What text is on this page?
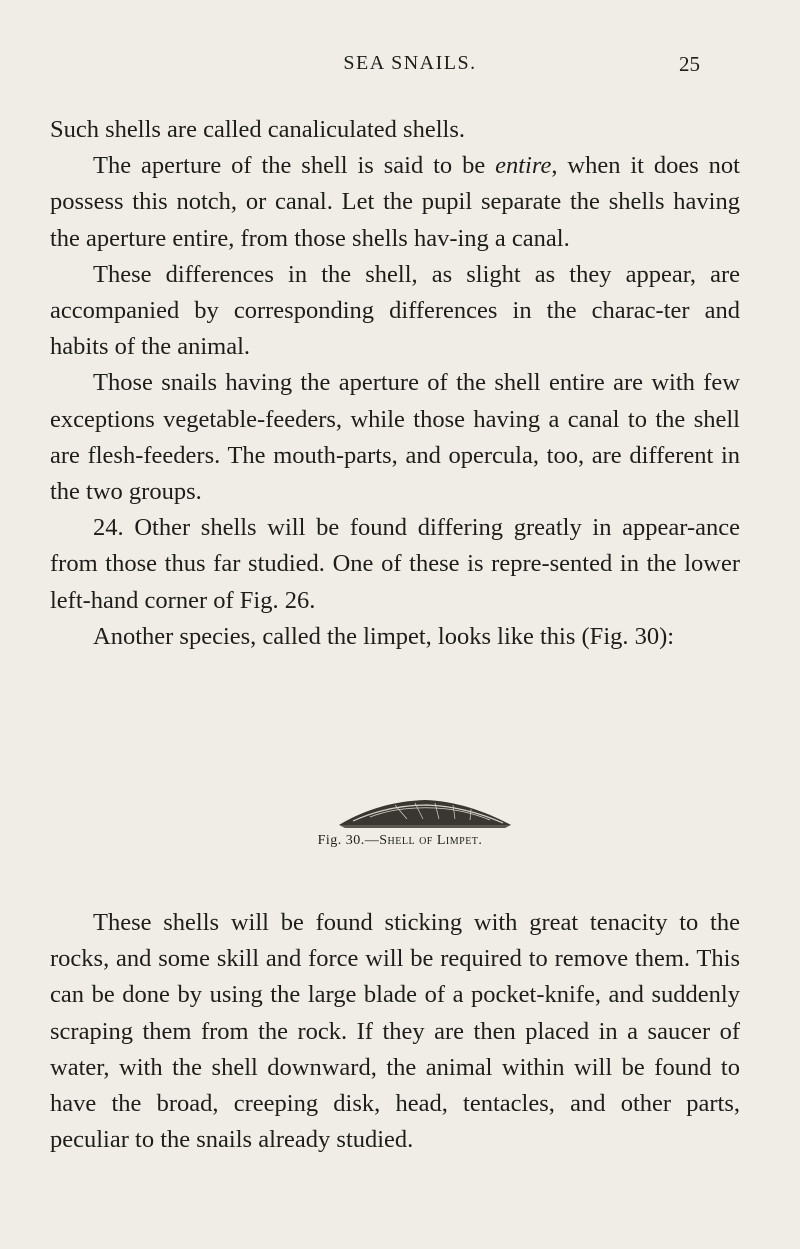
SEA SNAILS.	25

Such shells are called canaliculated shells.

The aperture of the shell is said to be entire, when it does not possess this notch, or canal. Let the pupil separate the shells having the aperture entire, from those shells hav-ing a canal.

These differences in the shell, as slight as they appear, are accompanied by corresponding differences in the charac-ter and habits of the animal.

Those snails having the aperture of the shell entire are with few exceptions vegetable-feeders, while those having a canal to the shell are flesh-feeders. The mouth-parts, and opercula, too, are different in the two groups.

24. Other shells will be found differing greatly in appear-ance from those thus far studied. One of these is repre-sented in the lower left-hand corner of Fig. 26.

Another species, called the limpet, looks like this (Fig. 30):

Fig. 30.—Shell of Limpet.

These shells will be found sticking with great tenacity to the rocks, and some skill and force will be required to remove them. This can be done by using the large blade of a pocket-knife, and suddenly scraping them from the rock. If they are then placed in a saucer of water, with the shell downward, the animal within will be found to have the broad, creeping disk, head, tentacles, and other parts, peculiar to the snails already studied.
